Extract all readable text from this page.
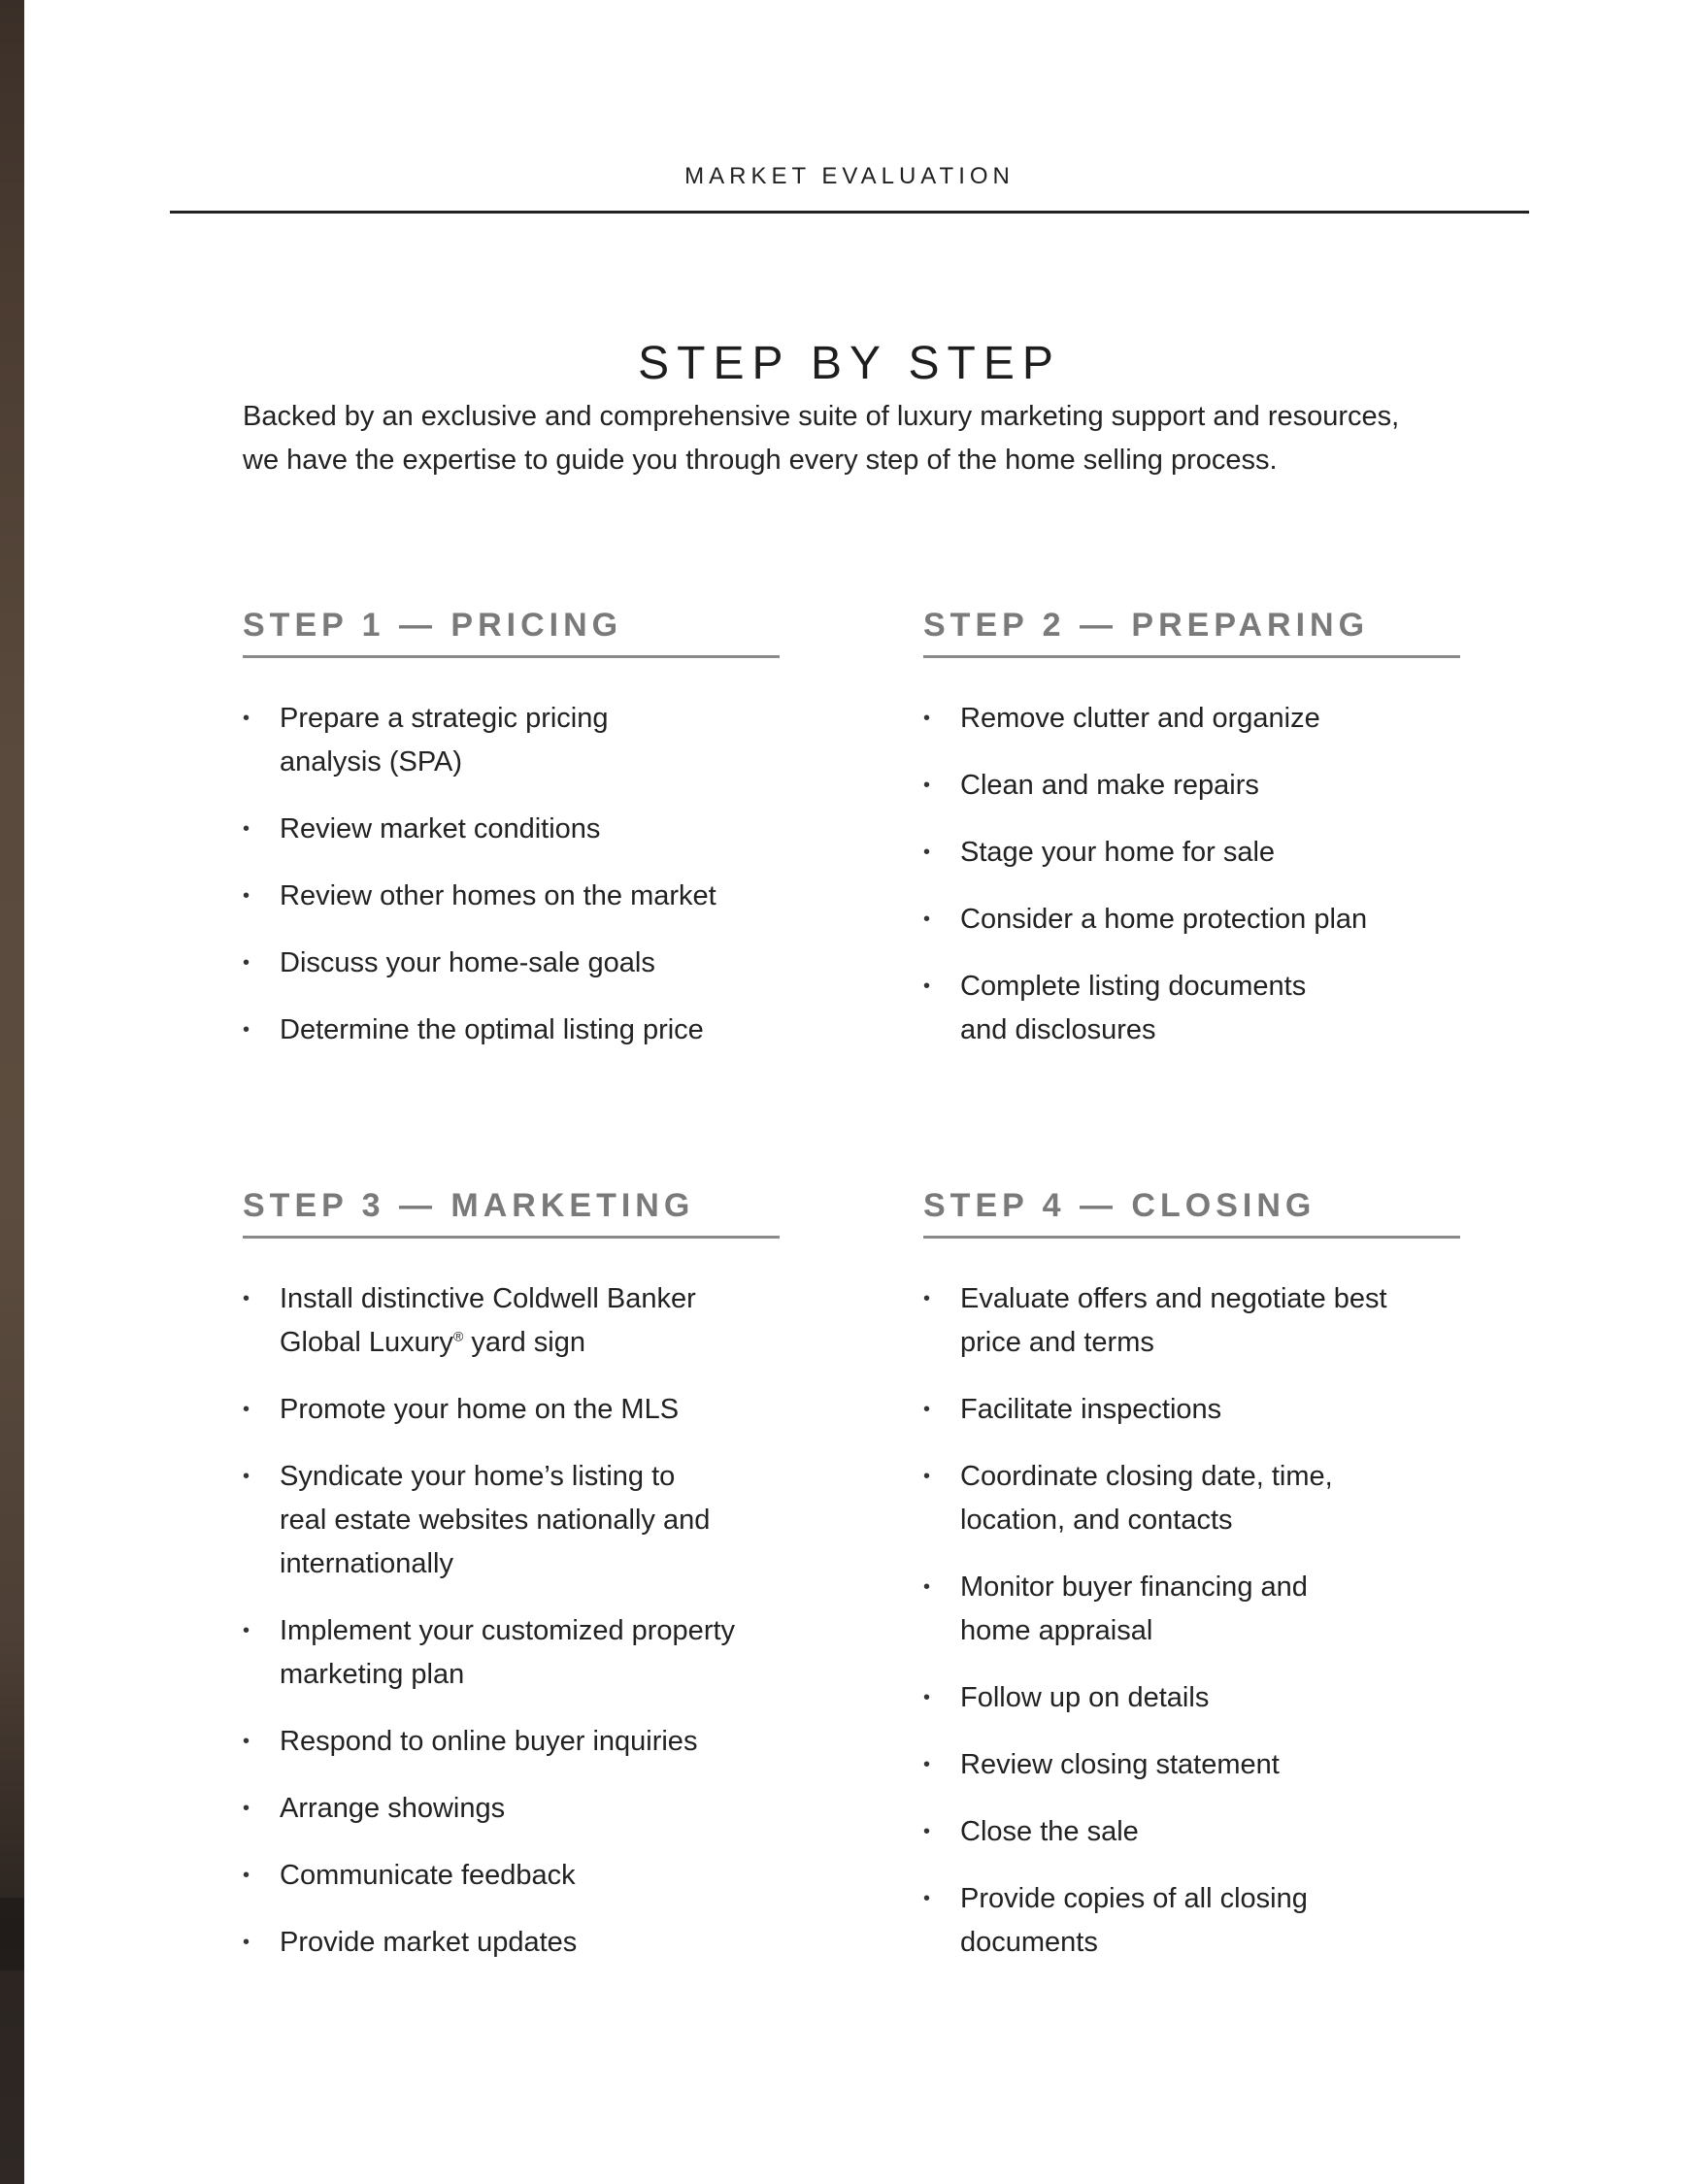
MARKET EVALUATION
STEP BY STEP

Backed by an exclusive and comprehensive suite of luxury marketing support and resources,
we have the expertise to guide you through every step of the home selling process.

STEP 1 — PRICING
• Prepare a strategic pricing
analysis (SPA)
• Review market conditions
• Review other homes on the market
• Discuss your home-sale goals
• Determine the optimal listing price
STEP 2 — PREPARING
• Remove clutter and organize
• Clean and make repairs
• Stage your home for sale
• Consider a home protection plan
• Complete listing documents
and disclosures
STEP 3 — MARKETING
• Install distinctive Coldwell Banker
Global Luxury® yard sign
• Promote your home on the MLS
• Syndicate your home’s listing to
real estate websites nationally and
internationally
• Implement your customized property
marketing plan
• Respond to online buyer inquiries
• Arrange showings
• Communicate feedback
• Provide market updates
STEP 4 — CLOSING
• Evaluate offers and negotiate best
price and terms
• Facilitate inspections
• Coordinate closing date, time,
location, and contacts
• Monitor buyer financing and
home appraisal
• Follow up on details
• Review closing statement
• Close the sale
• Provide copies of all closing
documents
